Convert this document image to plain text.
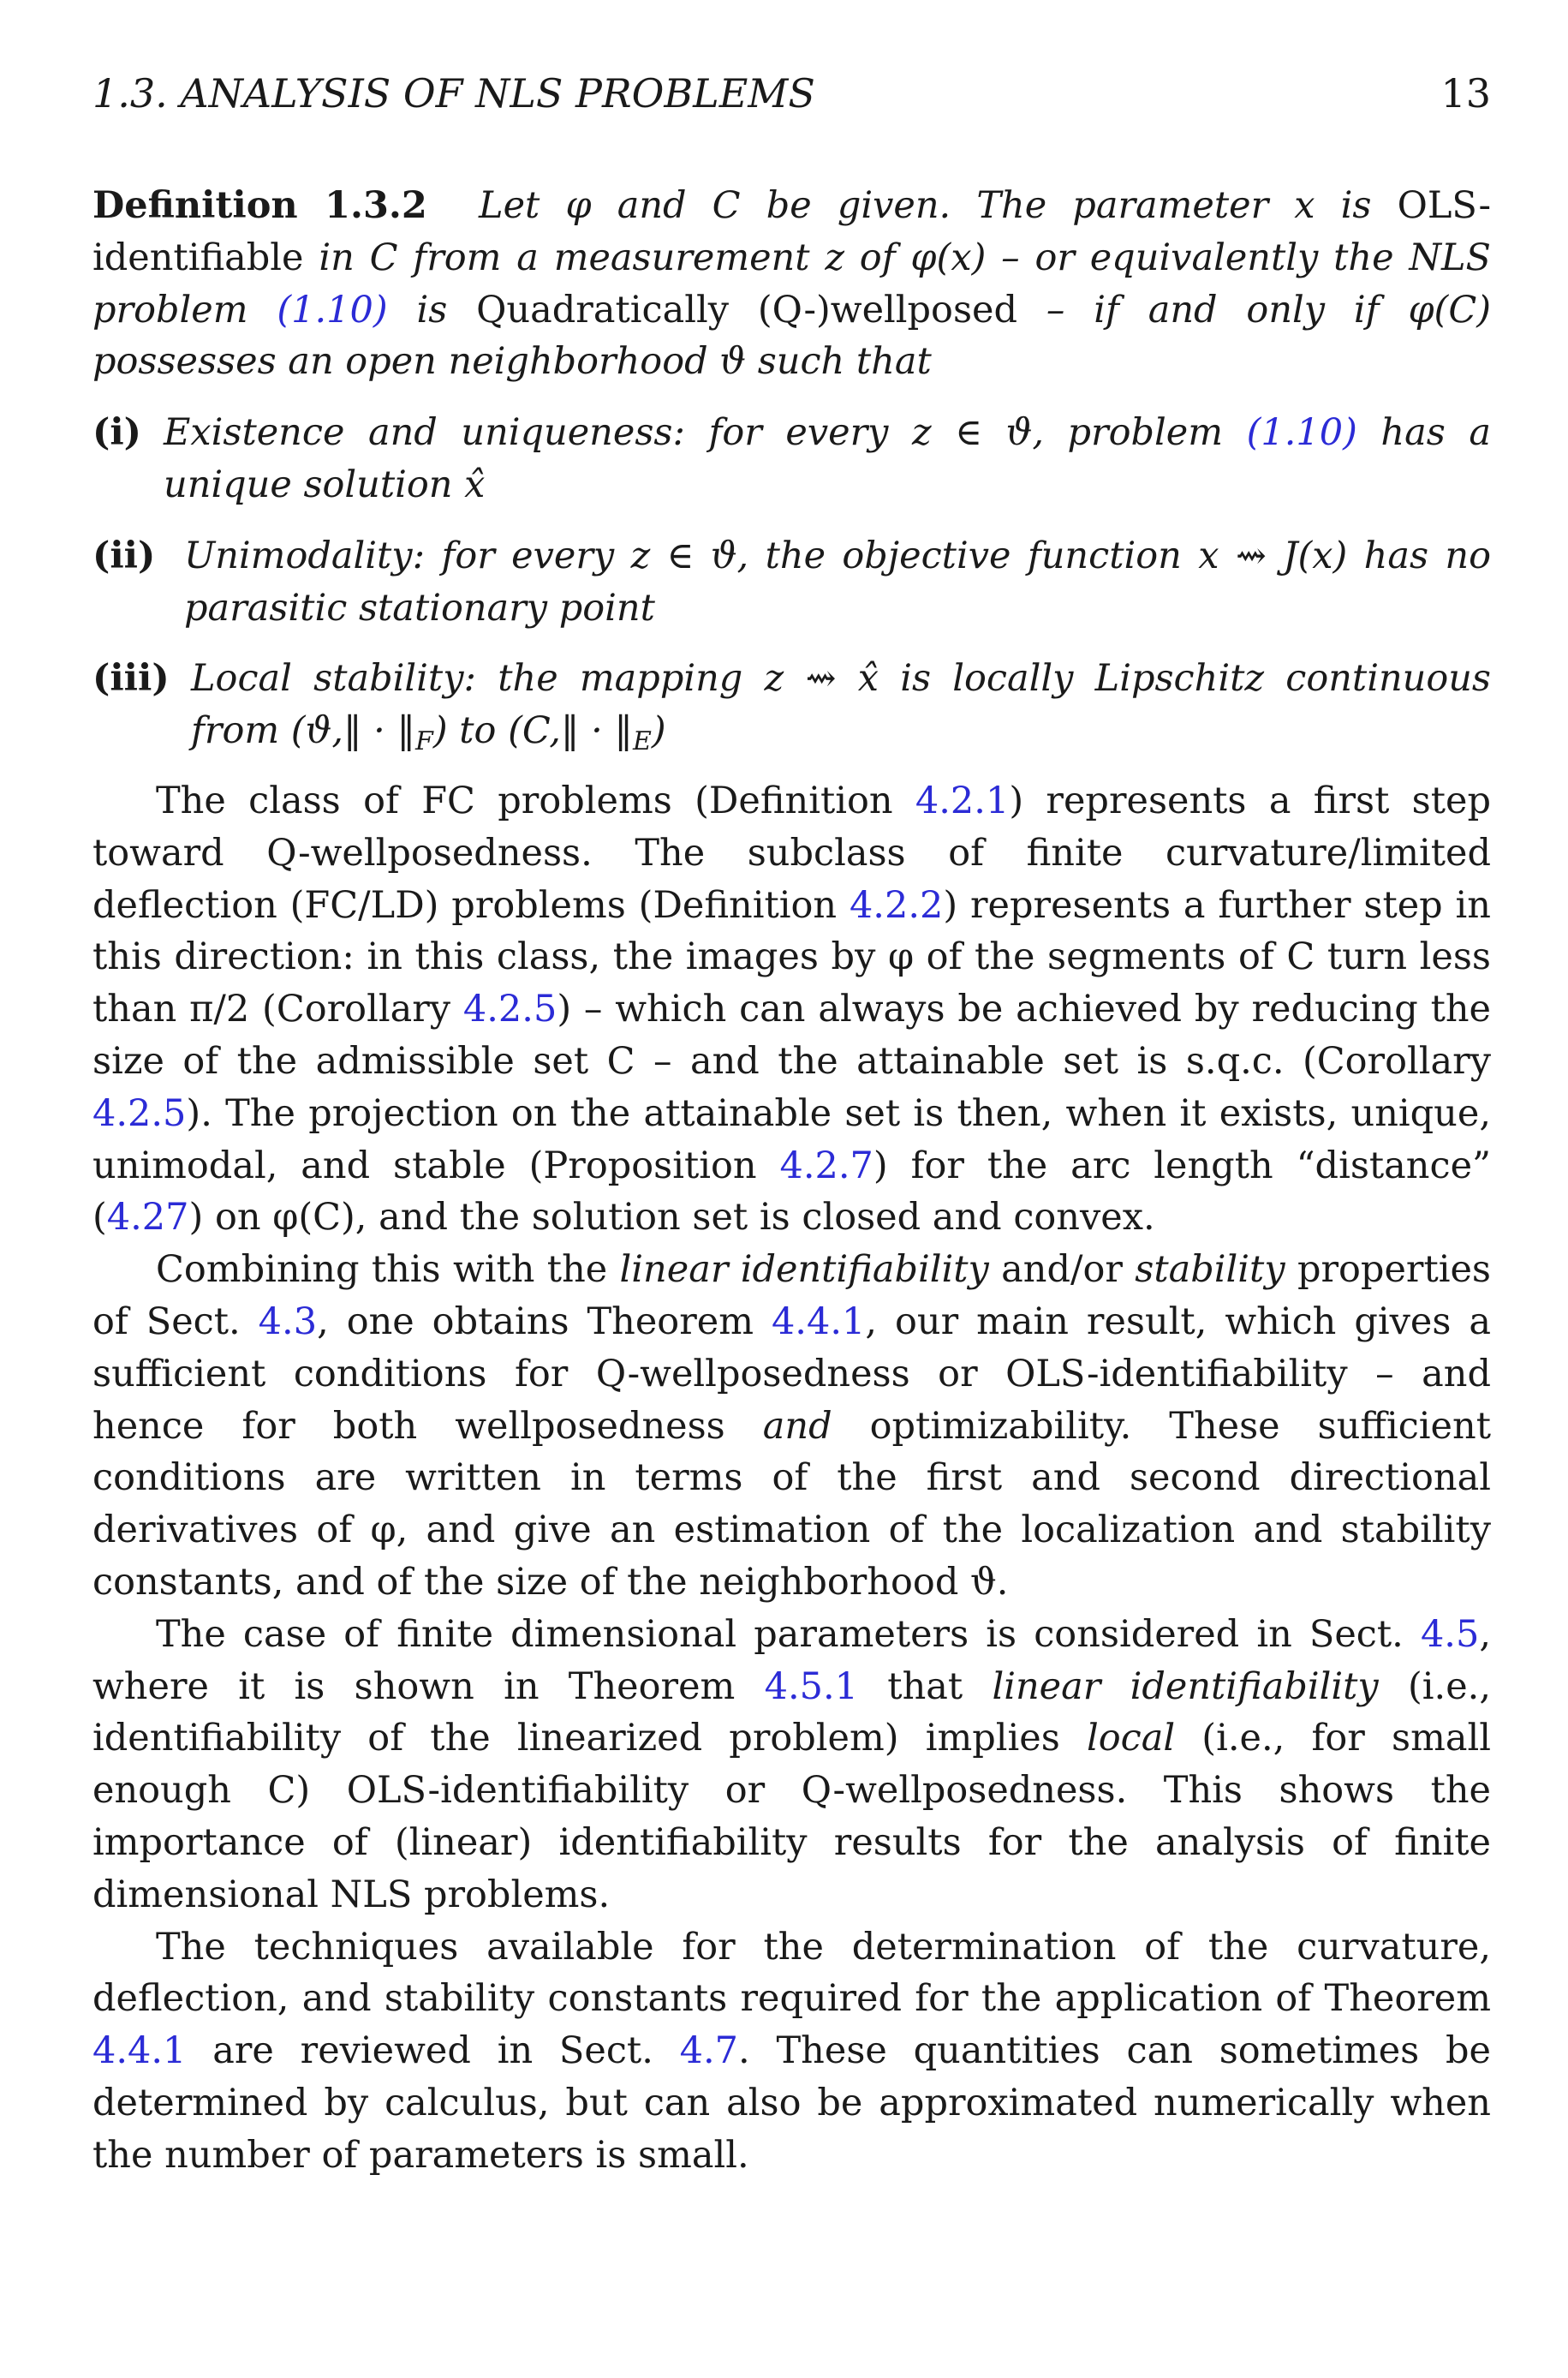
1.3. ANALYSIS OF NLS PROBLEMS	13

Definition 1.3.2 Let φ and C be given. The parameter x is OLS-identifiable in C from a measurement z of φ(x) – or equivalently the NLS problem (1.10) is Quadratically (Q-)wellposed – if and only if φ(C) possesses an open neighborhood ϑ such that

(i) Existence and uniqueness: for every z ∈ ϑ, problem (1.10) has a unique solution x̂
(ii) Unimodality: for every z ∈ ϑ, the objective function x ⇝ J(x) has no parasitic stationary point
(iii) Local stability: the mapping z ⇝ x̂ is locally Lipschitz continuous from (ϑ,‖ · $‖_F$) to (C,‖ · $‖_E$)

The class of FC problems (Definition 4.2.1) represents a first step toward Q-wellposedness. The subclass of finite curvature/limited deflection (FC/LD) problems (Definition 4.2.2) represents a further step in this direction: in this class, the images by φ of the segments of C turn less than π/2 (Corollary 4.2.5) – which can always be achieved by reducing the size of the admissible set C – and the attainable set is s.q.c. (Corollary 4.2.5). The projection on the attainable set is then, when it exists, unique, unimodal, and stable (Proposition 4.2.7) for the arc length “distance” (4.27) on φ(C), and the solution set is closed and convex.

Combining this with the linear identifiability and/or stability properties of Sect. 4.3, one obtains Theorem 4.4.1, our main result, which gives a sufficient conditions for Q-wellposedness or OLS-identifiability – and hence for both wellposedness and optimizability. These sufficient conditions are written in terms of the first and second directional derivatives of φ, and give an estimation of the localization and stability constants, and of the size of the neighborhood ϑ.

The case of finite dimensional parameters is considered in Sect. 4.5, where it is shown in Theorem 4.5.1 that linear identifiability (i.e., identifiability of the linearized problem) implies local (i.e., for small enough C) OLS-identifiability or Q-wellposedness. This shows the importance of (linear) identifiability results for the analysis of finite dimensional NLS problems.

The techniques available for the determination of the curvature, deflection, and stability constants required for the application of Theorem 4.4.1 are reviewed in Sect. 4.7. These quantities can sometimes be determined by calculus, but can also be approximated numerically when the number of parameters is small.
